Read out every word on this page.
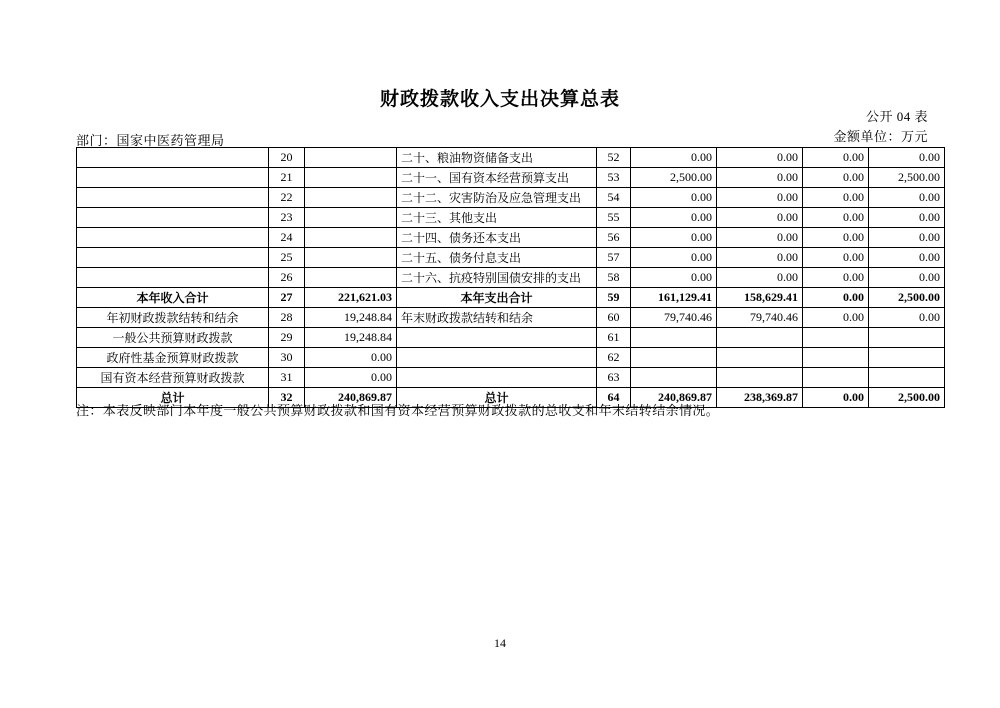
财政拨款收入支出决算总表
公开 04 表
金额单位：万元
部门：国家中医药管理局
	20		二十、粮油物资储备支出	52	0.00	0.00	0.00	0.00
	21		二十一、国有资本经营预算支出	53	2,500.00	0.00	0.00	2,500.00
	22		二十二、灾害防治及应急管理支出	54	0.00	0.00	0.00	0.00
	23		二十三、其他支出	55	0.00	0.00	0.00	0.00
	24		二十四、债务还本支出	56	0.00	0.00	0.00	0.00
	25		二十五、债务付息支出	57	0.00	0.00	0.00	0.00
	26		二十六、抗疫特别国债安排的支出	58	0.00	0.00	0.00	0.00
本年收入合计	27	221,621.03	本年支出合计	59	161,129.41	158,629.41	0.00	2,500.00
年初财政拨款结转和结余	28	19,248.84	年末财政拨款结转和结余	60	79,740.46	79,740.46	0.00	0.00
一般公共预算财政拨款	29	19,248.84		61				
政府性基金预算财政拨款	30	0.00		62				
国有资本经营预算财政拨款	31	0.00		63				
总计	32	240,869.87	总计	64	240,869.87	238,369.87	0.00	2,500.00
注：本表反映部门本年度一般公共预算财政拨款和国有资本经营预算财政拨款的总收支和年末结转结余情况。
14
